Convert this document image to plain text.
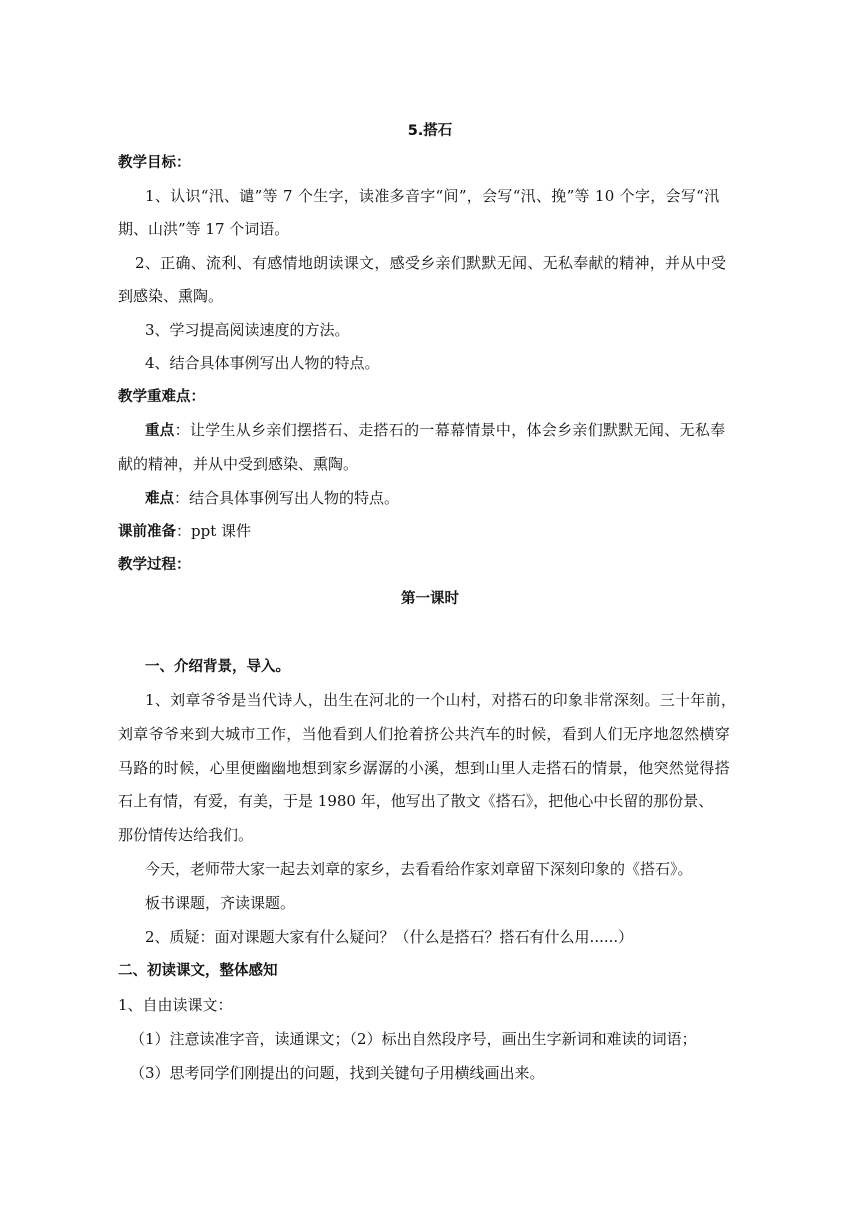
5.搭石
教学目标：
1、认识“汛、谴”等 7 个生字，读准多音字“间”，会写“汛、挽”等 10 个字，会写“汛
期、山洪”等 17 个词语。
2、正确、流利、有感情地朗读课文，感受乡亲们默默无闻、无私奉献的精神，并从中受
到感染、熏陶。
3、学习提高阅读速度的方法。
4、结合具体事例写出人物的特点。
教学重难点：
重点：让学生从乡亲们摆搭石、走搭石的一幕幕情景中，体会乡亲们默默无闻、无私奉
献的精神，并从中受到感染、熏陶。
难点：结合具体事例写出人物的特点。
课前准备：ppt 课件
教学过程：
第一课时
一、介绍背景，导入。
1、刘章爷爷是当代诗人，出生在河北的一个山村，对搭石的印象非常深刻。三十年前，
刘章爷爷来到大城市工作，当他看到人们抢着挤公共汽车的时候，看到人们无序地忽然横穿
马路的时候，心里便幽幽地想到家乡潺潺的小溪，想到山里人走搭石的情景，他突然觉得搭
石上有情，有爱，有美，于是 1980 年，他写出了散文《搭石》，把他心中长留的那份景、
那份情传达给我们。
今天，老师带大家一起去刘章的家乡，去看看给作家刘章留下深刻印象的《搭石》。
板书课题，齐读课题。
2、质疑：面对课题大家有什么疑问？（什么是搭石？搭石有什么用......）
二、初读课文，整体感知
1、自由读课文：
（1）注意读准字音，读通课文；（2）标出自然段序号，画出生字新词和难读的词语；
（3）思考同学们刚提出的问题，找到关键句子用横线画出来。
